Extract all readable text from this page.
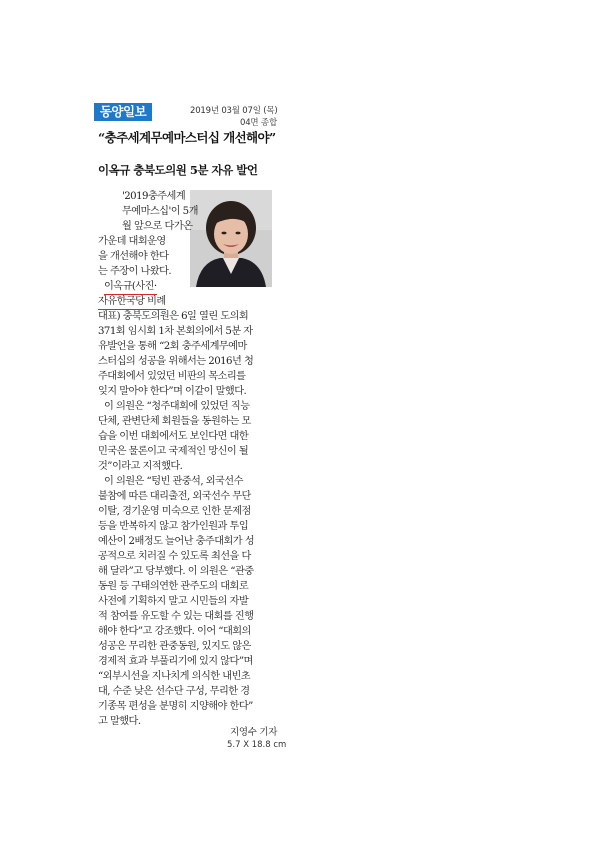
동양일보	2019년 03월 07일 (목)
04면 종합
“충주세계무예마스터십 개선해야”
이옥규 충북도의원 5분 자유 발언
'2019충주세계
무예마스십'이 5개
월 앞으로 다가온
가운데 대회운영
을 개선해야 한다
는 주장이 나왔다.
이옥규(사진·
자유한국당 비례
대표) 충북도의원은 6일 열린 도의회
371회 임시회 1차 본회의에서 5분 자
유발언을 통해 “2회 충주세계무예마
스터십의 성공을 위해서는 2016년 청
주대회에서 있었던 비판의 목소리를
잊지 말아야 한다”며 이같이 말했다.
이 의원은 “청주대회에 있었던 직능
단체, 관변단체 회원들을 동원하는 모
습을 이번 대회에서도 보인다면 대한
민국은 물론이고 국제적인 망신이 될
것”이라고 지적했다.
이 의원은 “텅빈 관중석, 외국선수
불참에 따른 대리출전, 외국선수 무단
이탈, 경기운영 미숙으로 인한 문제점
등을 반복하지 않고 참가인원과 투입
예산이 2배정도 늘어난 충주대회가 성
공적으로 치러질 수 있도록 최선을 다
해 달라”고 당부했다. 이 의원은 “관중
동원 등 구태의연한 관주도의 대회로
사전에 기획하지 말고 시민들의 자발
적 참여를 유도할 수 있는 대회를 진행
해야 한다”고 강조했다. 이어 “대회의
성공은 무리한 관중동원, 있지도 않은
경제적 효과 부풀리기에 있지 않다”며
“외부시선을 지나치게 의식한 내빈초
대, 수준 낮은 선수단 구성, 무리한 경
기종목 편성을 분명히 지양해야 한다”
고 말했다.
지영수 기자
5.7 X 18.8 cm
